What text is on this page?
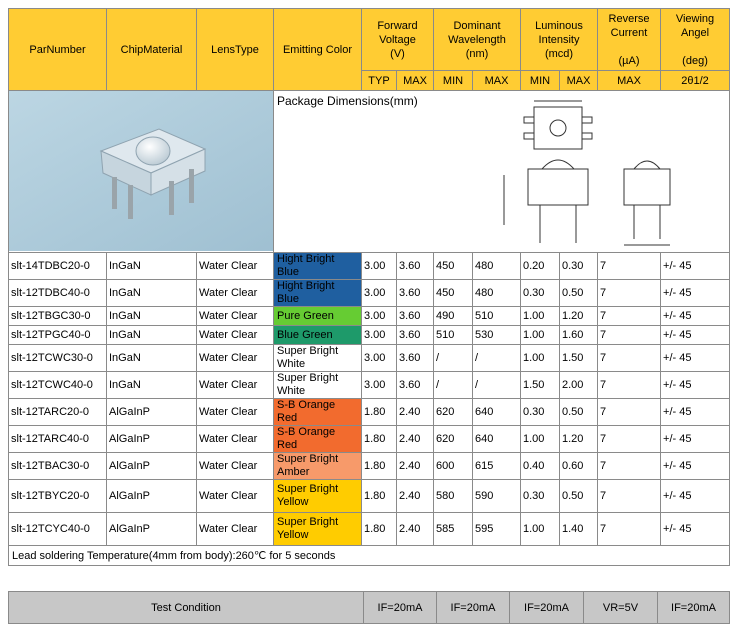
ParNumber	ChipMaterial	LensType	Emitting Color	Forward
Voltage
(V)		Dominant
Wavelength
(nm)		Luminous
Intensity
(mcd)		Reverse
Current

(µA)	Viewing
Angel

(deg)
				TYP	MAX	MIN	MAX	MIN	MAX	MAX	2θ1/2

Package Dimensions(mm)								

slt-14TDBC20-0	InGaN	Water Clear	Hight Bright Blue	3.00	3.60	450	480	0.20	0.30	7	+/- 45
slt-12TDBC40-0	InGaN	Water Clear	Hight Bright Blue	3.00	3.60	450	480	0.30	0.50	7	+/- 45
slt-12TBGC30-0	InGaN	Water Clear	Pure Green	3.00	3.60	490	510	1.00	1.20	7	+/- 45
slt-12TPGC40-0	InGaN	Water Clear	Blue Green	3.00	3.60	510	530	1.00	1.60	7	+/- 45
slt-12TCWC30-0	InGaN	Water Clear	Super Bright White	3.00	3.60	/	/	1.00	1.50	7	+/- 45
slt-12TCWC40-0	InGaN	Water Clear	Super Bright White	3.00	3.60	/	/	1.50	2.00	7	+/- 45
slt-12TARC20-0	AlGaInP	Water Clear	S-B Orange Red	1.80	2.40	620	640	0.30	0.50	7	+/- 45
slt-12TARC40-0	AlGaInP	Water Clear	S-B Orange Red	1.80	2.40	620	640	1.00	1.20	7	+/- 45
slt-12TBAC30-0	AlGaInP	Water Clear	Super Bright Amber	1.80	2.40	600	615	0.40	0.60	7	+/- 45
slt-12TBYC20-0	AlGaInP	Water Clear	Super Bright Yellow	1.80	2.40	580	590	0.30	0.50	7	+/- 45
slt-12TCYC40-0	AlGaInP	Water Clear	Super Bright Yellow	1.80	2.40	585	595	1.00	1.40	7	+/- 45
Lead soldering Temperature(4mm from body):260℃ for 5 seconds											
Test Condition	IF=20mA	IF=20mA	IF=20mA	VR=5V	IF=20mA
